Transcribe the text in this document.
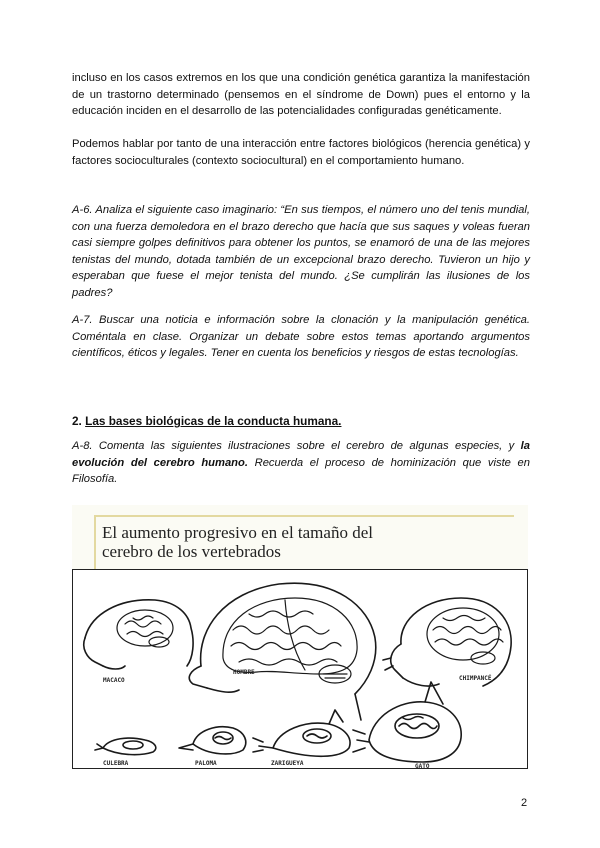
incluso en los casos extremos en los que una condición genética garantiza la manifestación de un trastorno determinado (pensemos en el síndrome de Down) pues el entorno y la educación inciden en el desarrollo de las potencialidades configuradas genéticamente.

Podemos hablar por tanto de una interacción entre factores biológicos (herencia genética) y factores socioculturales (contexto sociocultural) en el comportamiento humano.

A-6. Analiza el siguiente caso imaginario: “En sus tiempos, el número uno del tenis mundial, con una fuerza demoledora en el brazo derecho que hacía que sus saques y voleas fueran casi siempre golpes definitivos para obtener los puntos, se enamoró de una de las mejores tenistas del mundo, dotada también de un excepcional brazo derecho. Tuvieron un hijo y esperaban que fuese el mejor tenista del mundo. ¿Se cumplirán las ilusiones de los padres?

A-7. Buscar una noticia e información sobre la clonación y la manipulación genética. Coméntala en clase. Organizar un debate sobre estos temas aportando argumentos científicos, éticos y legales. Tener en cuenta los beneficios y riesgos de estas tecnologías.

2. Las bases biológicas de la conducta humana.

A-8. Comenta las siguientes ilustraciones sobre el cerebro de algunas especies, y la evolución del cerebro humano. Recuerda el proceso de hominización que viste en Filosofía.

El aumento progresivo en el tamaño del
cerebro de los vertebrados
MACACO
HOMBRE
CHIMPANCÉ
CULEBRA	PALOMA	ZARIGUEYA	GATO
2
